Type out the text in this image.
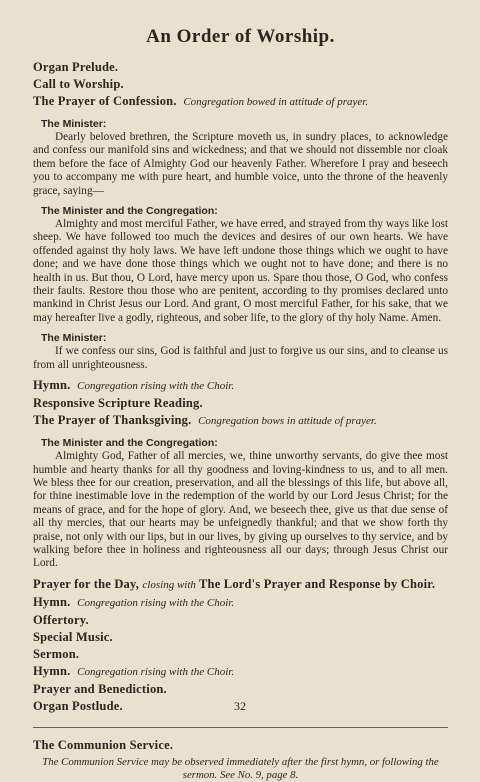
An Order of Worship.

Organ Prelude.

Call to Worship.

The Prayer of Confession. Congregation bowed in attitude of prayer.

The Minister:

Dearly beloved brethren, the Scripture moveth us, in sundry places, to acknowledge and confess our manifold sins and wickedness; and that we should not dissemble nor cloak them before the face of Almighty God our heavenly Father. Wherefore I pray and beseech you to accompany me with pure heart, and humble voice, unto the throne of the heavenly grace, saying—

The Minister and the Congregation:

Almighty and most merciful Father, we have erred, and strayed from thy ways like lost sheep. We have followed too much the devices and desires of our own hearts. We have offended against thy holy laws. We have left undone those things which we ought to have done; and we have done those things which we ought not to have done; and there is no health in us. But thou, O Lord, have mercy upon us. Spare thou those, O God, who confess their faults. Restore thou those who are penitent, according to thy promises declared unto mankind in Christ Jesus our Lord. And grant, O most merciful Father, for his sake, that we may hereafter live a godly, righteous, and sober life, to the glory of thy holy Name. Amen.

The Minister:

If we confess our sins, God is faithful and just to forgive us our sins, and to cleanse us from all unrighteousness.

Hymn. Congregation rising with the Choir.

Responsive Scripture Reading.

The Prayer of Thanksgiving. Congregation bows in attitude of prayer.

The Minister and the Congregation:

Almighty God, Father of all mercies, we, thine unworthy servants, do give thee most humble and hearty thanks for all thy goodness and loving-kindness to us, and to all men. We bless thee for our creation, preservation, and all the blessings of this life, but above all, for thine inestimable love in the redemption of the world by our Lord Jesus Christ; for the means of grace, and for the hope of glory. And, we beseech thee, give us that due sense of all thy mercies, that our hearts may be unfeignedly thankful; and that we show forth thy praise, not only with our lips, but in our lives, by giving up ourselves to thy service, and by walking before thee in holiness and righteousness all our days; through Jesus Christ our Lord.

Prayer for the Day, closing with The Lord's Prayer and Response by Choir.

Hymn. Congregation rising with the Choir.

Offertory.

Special Music.

Sermon.

Hymn. Congregation rising with the Choir.

Prayer and Benediction.

Organ Postlude.

The Communion Service.

The Communion Service may be observed immediately after the first hymn, or following the sermon. See No. 9, page 8.

32
